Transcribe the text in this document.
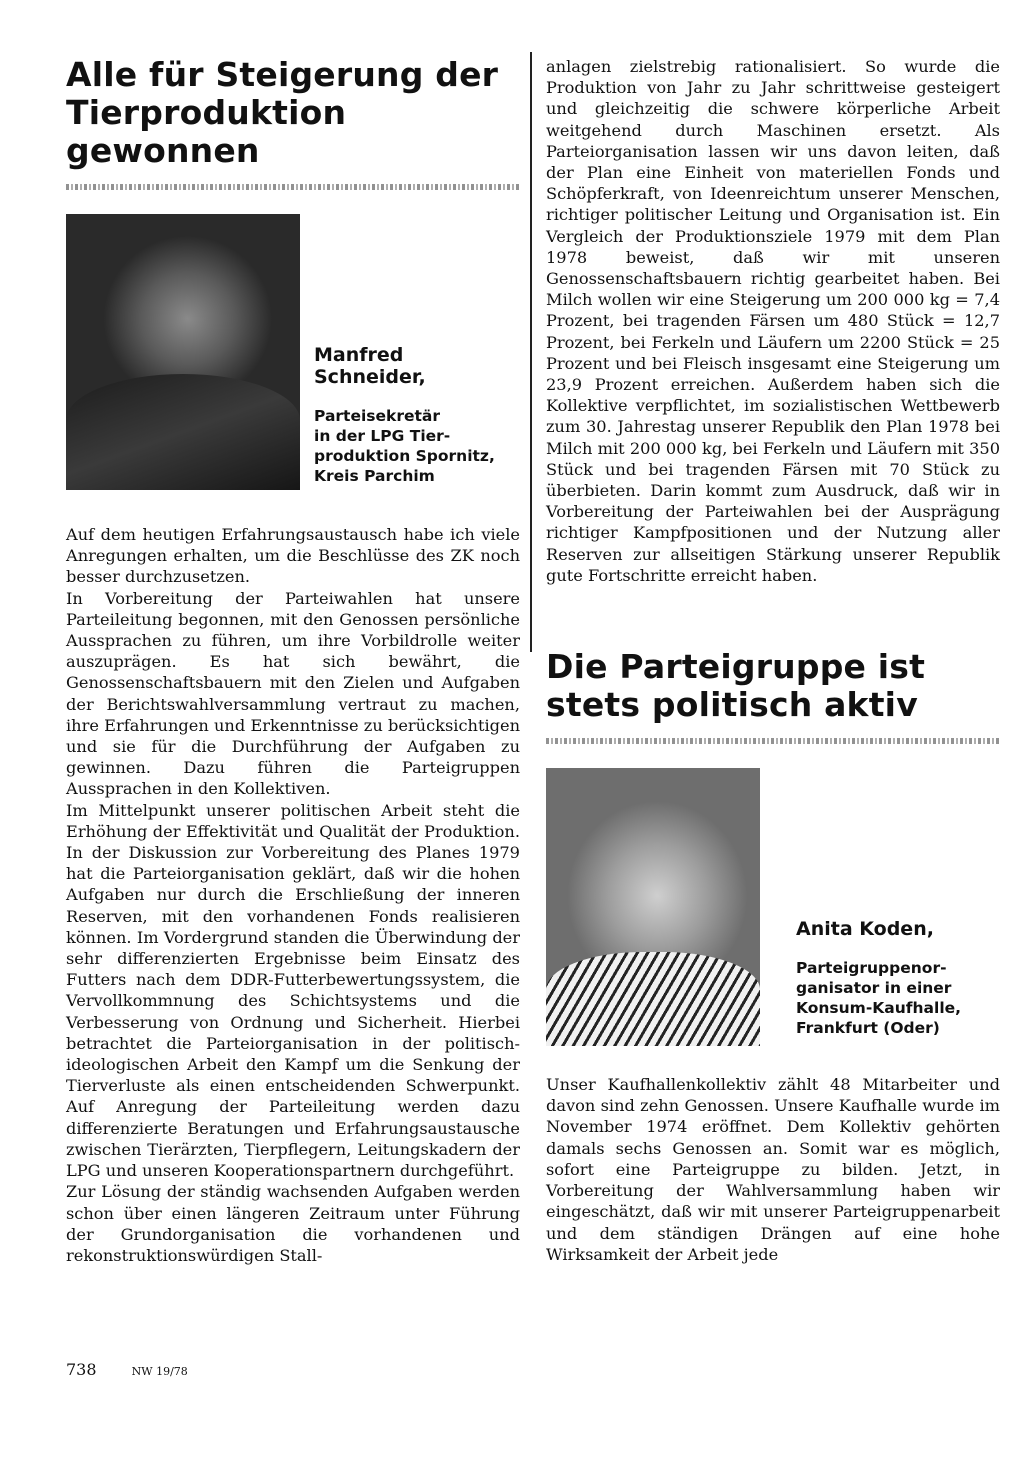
Alle für Steigerung der
Tierproduktion gewonnen

Manfred
Schneider,

Parteisekretär
in der LPG Tier-
produktion Spornitz,
Kreis Parchim

Auf dem heutigen Erfahrungsaustausch habe ich viele Anregungen erhalten, um die Beschlüsse des ZK noch besser durchzusetzen.

In Vorbereitung der Parteiwahlen hat unsere Parteileitung begonnen, mit den Genossen persönliche Aussprachen zu führen, um ihre Vorbildrolle weiter auszuprägen. Es hat sich bewährt, die Genossenschaftsbauern mit den Zielen und Aufgaben der Berichtswahlversammlung vertraut zu machen, ihre Erfahrungen und Erkenntnisse zu berücksichtigen und sie für die Durchführung der Aufgaben zu gewinnen. Dazu führen die Parteigruppen Aussprachen in den Kollektiven.

Im Mittelpunkt unserer politischen Arbeit steht die Erhöhung der Effektivität und Qualität der Produktion. In der Diskussion zur Vorbereitung des Planes 1979 hat die Parteiorganisation geklärt, daß wir die hohen Aufgaben nur durch die Erschließung der inneren Reserven, mit den vorhandenen Fonds realisieren können. Im Vordergrund standen die Überwindung der sehr differenzierten Ergebnisse beim Einsatz des Futters nach dem DDR-Futterbewertungssystem, die Vervollkommnung des Schichtsystems und die Verbesserung von Ordnung und Sicherheit. Hierbei betrachtet die Parteiorganisation in der politisch-ideologischen Arbeit den Kampf um die Senkung der Tierverluste als einen entscheidenden Schwerpunkt. Auf Anregung der Parteileitung werden dazu differenzierte Beratungen und Erfahrungsaustausche zwischen Tierärzten, Tierpflegern, Leitungskadern der LPG und unseren Kooperationspartnern durchgeführt.

Zur Lösung der ständig wachsenden Aufgaben werden schon über einen längeren Zeitraum unter Führung der Grundorganisation die vorhandenen und rekonstruktionswürdigen Stall-

anlagen zielstrebig rationalisiert. So wurde die Produktion von Jahr zu Jahr schrittweise gesteigert und gleichzeitig die schwere körperliche Arbeit weitgehend durch Maschinen ersetzt. Als Parteiorganisation lassen wir uns davon leiten, daß der Plan eine Einheit von materiellen Fonds und Schöpferkraft, von Ideenreichtum unserer Menschen, richtiger politischer Leitung und Organisation ist. Ein Vergleich der Produktionsziele 1979 mit dem Plan 1978 beweist, daß wir mit unseren Genossenschaftsbauern richtig gearbeitet haben. Bei Milch wollen wir eine Steigerung um 200 000 kg = 7,4 Prozent, bei tragenden Färsen um 480 Stück = 12,7 Prozent, bei Ferkeln und Läufern um 2200 Stück = 25 Prozent und bei Fleisch insgesamt eine Steigerung um 23,9 Prozent erreichen. Außerdem haben sich die Kollektive verpflichtet, im sozialistischen Wettbewerb zum 30. Jahrestag unserer Republik den Plan 1978 bei Milch mit 200 000 kg, bei Ferkeln und Läufern mit 350 Stück und bei tragenden Färsen mit 70 Stück zu überbieten. Darin kommt zum Ausdruck, daß wir in Vorbereitung der Parteiwahlen bei der Ausprägung richtiger Kampfpositionen und der Nutzung aller Reserven zur allseitigen Stärkung unserer Republik gute Fortschritte erreicht haben.

Die Parteigruppe ist
stets politisch aktiv

Anita Koden,

Parteigruppenor-
ganisator in einer
Konsum-Kaufhalle,
Frankfurt (Oder)

Unser Kaufhallenkollektiv zählt 48 Mitarbeiter und davon sind zehn Genossen. Unsere Kaufhalle wurde im November 1974 eröffnet. Dem Kollektiv gehörten damals sechs Genossen an. Somit war es möglich, sofort eine Parteigruppe zu bilden. Jetzt, in Vorbereitung der Wahlversammlung haben wir eingeschätzt, daß wir mit unserer Parteigruppenarbeit und dem ständigen Drängen auf eine hohe Wirksamkeit der Arbeit jede

738	NW 19/78
